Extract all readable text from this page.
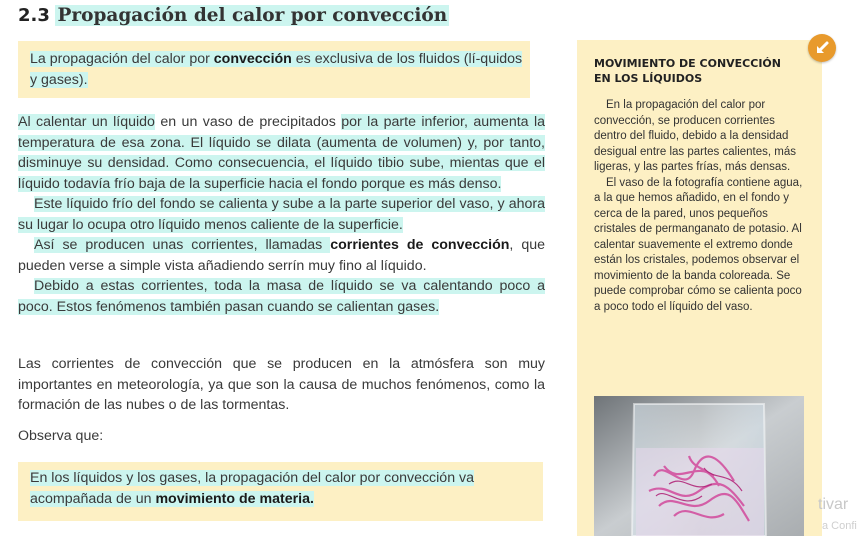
2.3 Propagación del calor por convección

La propagación del calor por convección es exclusiva de los fluidos (lí-quidos y gases).

Al calentar un líquido en un vaso de precipitados por la parte inferior, aumenta la temperatura de esa zona. El líquido se dilata (aumenta de volumen) y, por tanto, disminuye su densidad. Como consecuencia, el líquido tibio sube, mientas que el líquido todavía frío baja de la superficie hacia el fondo porque es más denso.

Este líquido frío del fondo se calienta y sube a la parte superior del vaso, y ahora su lugar lo ocupa otro líquido menos caliente de la superficie.

Así se producen unas corrientes, llamadas corrientes de convección, que pueden verse a simple vista añadiendo serrín muy fino al líquido.

Debido a estas corrientes, toda la masa de líquido se va calentando poco a poco. Estos fenómenos también pasan cuando se calientan gases.

Las corrientes de convección que se producen en la atmósfera son muy importantes en meteorología, ya que son la causa de muchos fenómenos, como la formación de las nubes o de las tormentas.

Observa que:

En los líquidos y los gases, la propagación del calor por convección va acompañada de un movimiento de materia.

MOVIMIENTO DE CONVECCIÓN
EN LOS LÍQUIDOS

En la propagación del calor por convección, se producen corrientes dentro del fluido, debido a la densidad desigual entre las partes calientes, más ligeras, y las partes frías, más densas.

El vaso de la fotografía contiene agua, a la que hemos añadido, en el fondo y cerca de la pared, unos pequeños cristales de permanganato de potasio. Al calentar suavemente el extremo donde están los cristales, podemos observar el movimiento de la banda coloreada. Se puede comprobar cómo se calienta poco a poco todo el líquido del vaso.

tivar
a Confi
